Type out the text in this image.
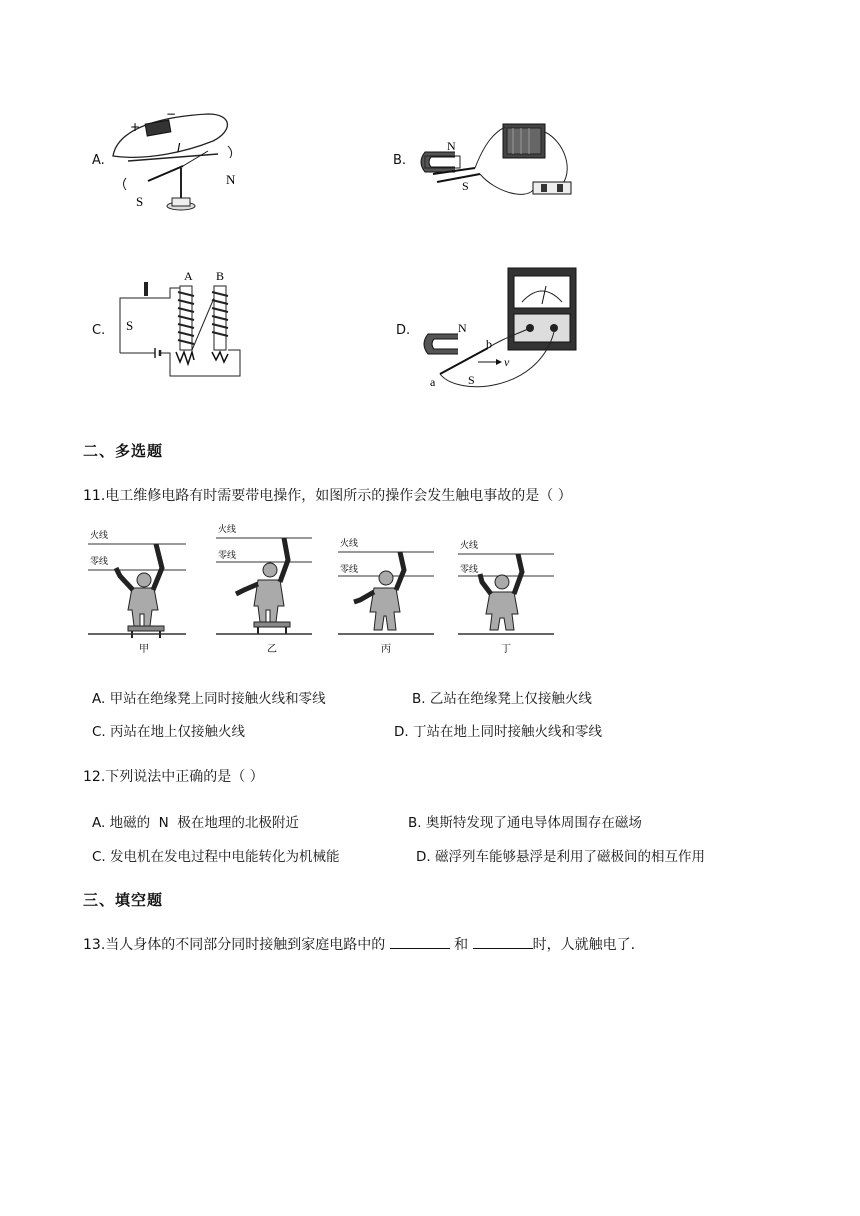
A.	B.
C.	D.
+
−
I
S
N
N
S
A B
S	N
S
a
b
v
二、多选题
11.电工维修电路有时需要带电操作，如图所示的操作会发生触电事故的是（ ）
火线
零线
甲
火线
零线
乙
火线
零线
丙
火线
零线
丁
A. 甲站在绝缘凳上同时接触火线和零线	B. 乙站在绝缘凳上仅接触火线
C. 丙站在地上仅接触火线	D. 丁站在地上同时接触火线和零线
12.下列说法中正确的是（ ）
A. 地磁的  N  极在地理的北极附近	B. 奥斯特发现了通电导体周围存在磁场
C. 发电机在发电过程中电能转化为机械能	D. 磁浮列车能够悬浮是利用了磁极间的相互作用
三、填空题
13.当人身体的不同部分同时接触到家庭电路中的	和	时，人就触电了.
